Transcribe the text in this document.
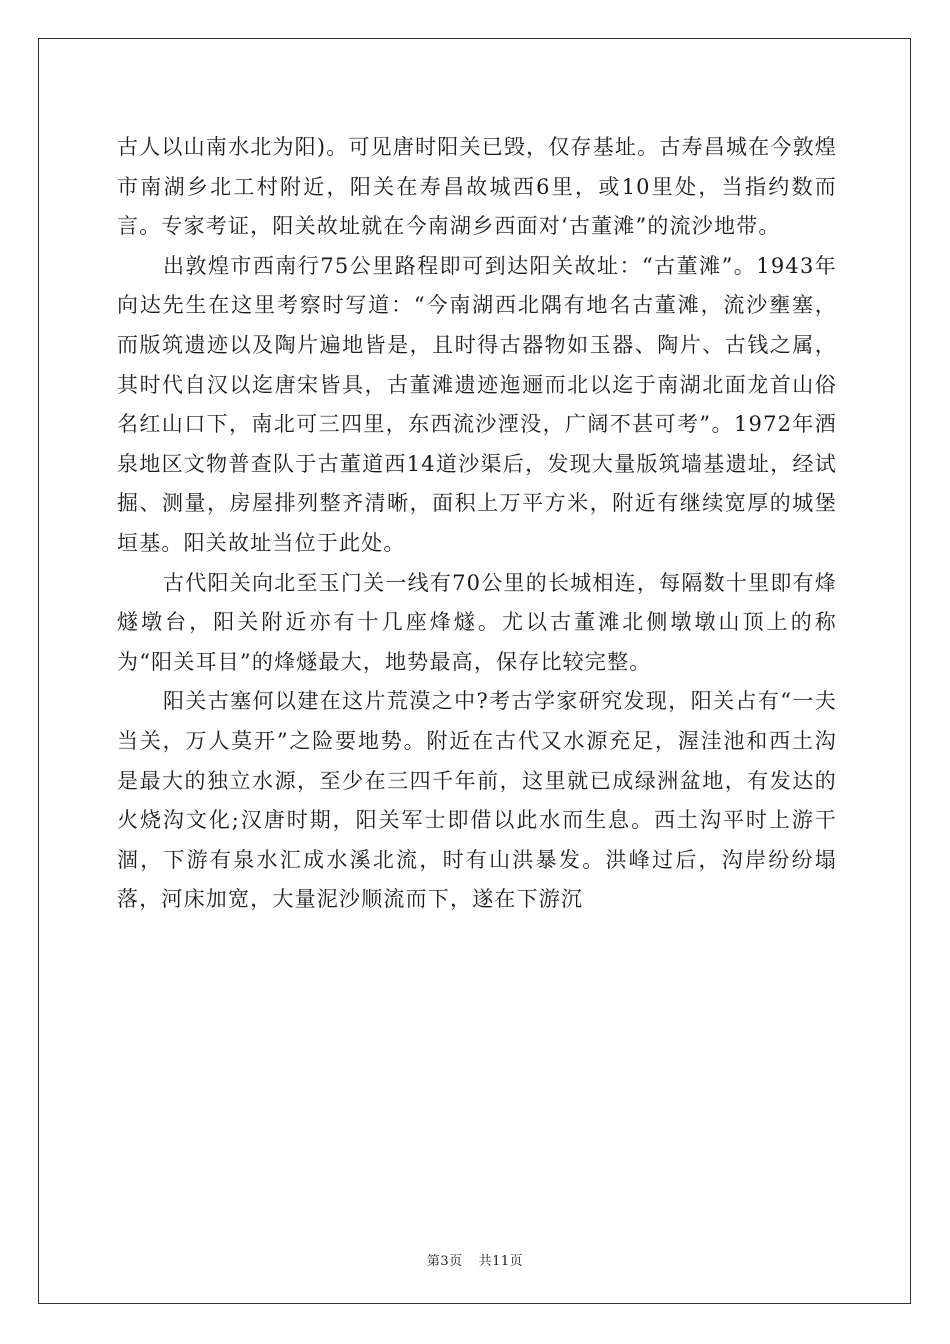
古人以山南水北为阳)。可见唐时阳关已毁，仅存基址。古寿昌城在今敦煌市南湖乡北工村附近，阳关在寿昌故城西6里，或10里处，当指约数而言。专家考证，阳关故址就在今南湖乡西面对‘古董滩”的流沙地带。

出敦煌市西南行75公里路程即可到达阳关故址：“古董滩”。1943年向达先生在这里考察时写道：“今南湖西北隅有地名古董滩，流沙壅塞，而版筑遗迹以及陶片遍地皆是，且时得古器物如玉器、陶片、古钱之属，其时代自汉以迄唐宋皆具，古董滩遗迹迤逦而北以迄于南湖北面龙首山俗名红山口下，南北可三四里，东西流沙湮没，广阔不甚可考”。1972年酒泉地区文物普查队于古董道西14道沙渠后，发现大量版筑墙基遗址，经试掘、测量，房屋排列整齐清晰，面积上万平方米，附近有继续宽厚的城堡垣基。阳关故址当位于此处。

古代阳关向北至玉门关一线有70公里的长城相连，每隔数十里即有烽燧墩台，阳关附近亦有十几座烽燧。尤以古董滩北侧墩墩山顶上的称为“阳关耳目”的烽燧最大，地势最高，保存比较完整。

阳关古塞何以建在这片荒漠之中?考古学家研究发现，阳关占有“一夫当关，万人莫开”之险要地势。附近在古代又水源充足，渥洼池和西土沟是最大的独立水源，至少在三四千年前，这里就已成绿洲盆地，有发达的火烧沟文化;汉唐时期，阳关军士即借以此水而生息。西土沟平时上游干涸，下游有泉水汇成水溪北流，时有山洪暴发。洪峰过后，沟岸纷纷塌落，河床加宽，大量泥沙顺流而下，遂在下游沉

第3页 共11页
